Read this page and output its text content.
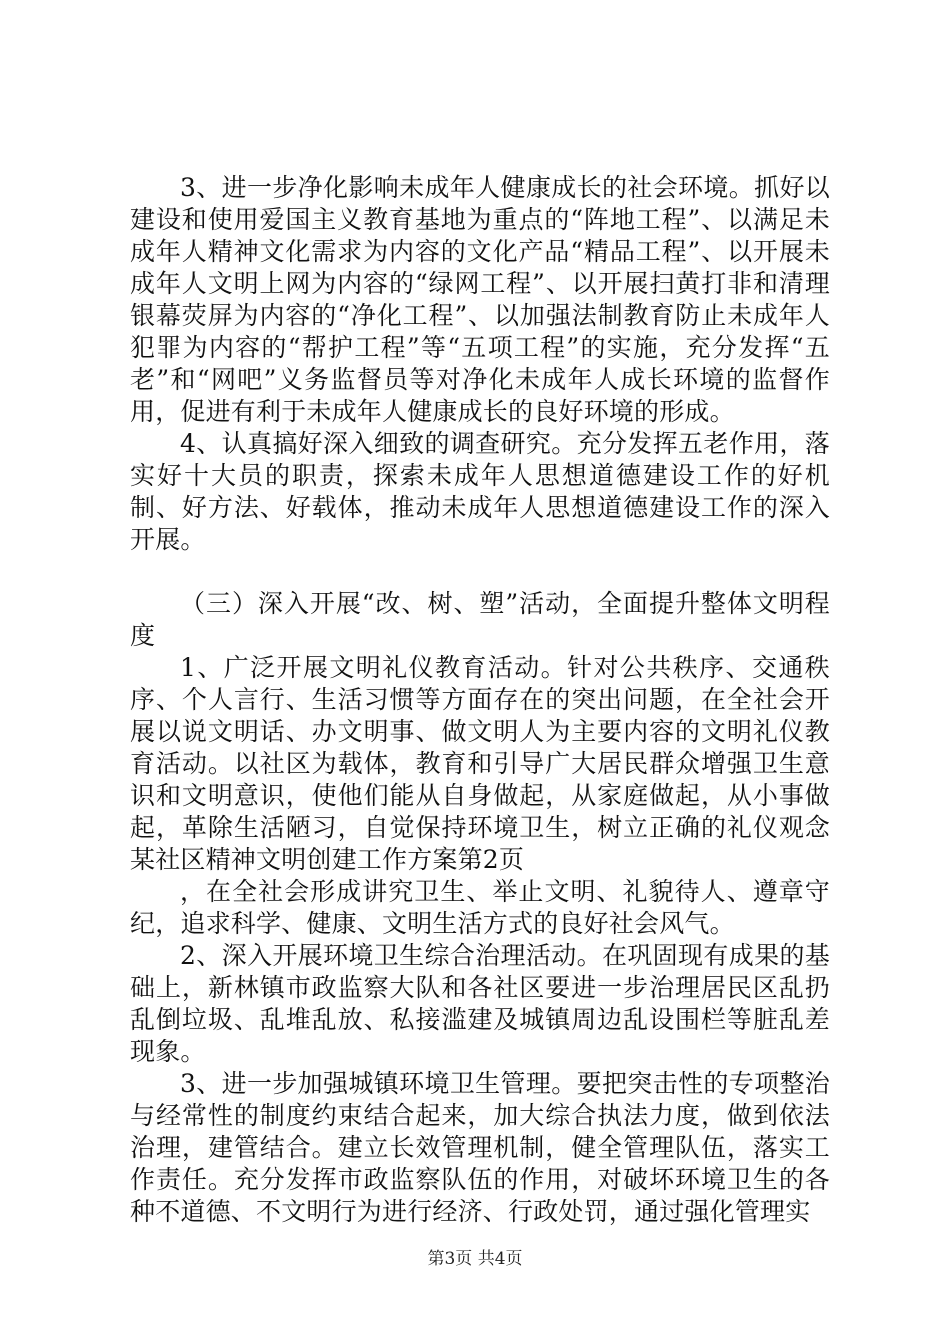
3、进一步净化影响未成年人健康成长的社会环境。抓好以建设和使用爱国主义教育基地为重点的“阵地工程”、以满足未成年人精神文化需求为内容的文化产品“精品工程”、以开展未成年人文明上网为内容的“绿网工程”、以开展扫黄打非和清理银幕荧屏为内容的“净化工程”、以加强法制教育防止未成年人犯罪为内容的“帮护工程”等“五项工程”的实施，充分发挥“五老”和“网吧”义务监督员等对净化未成年人成长环境的监督作用，促进有利于未成年人健康成长的良好环境的形成。

4、认真搞好深入细致的调查研究。充分发挥五老作用，落实好十大员的职责，探索未成年人思想道德建设工作的好机制、好方法、好载体，推动未成年人思想道德建设工作的深入开展。

（三）深入开展“改、树、塑”活动，全面提升整体文明程度

1、广泛开展文明礼仪教育活动。针对公共秩序、交通秩序、个人言行、生活习惯等方面存在的突出问题，在全社会开展以说文明话、办文明事、做文明人为主要内容的文明礼仪教育活动。以社区为载体，教育和引导广大居民群众增强卫生意识和文明意识，使他们能从自身做起，从家庭做起，从小事做起，革除生活陋习，自觉保持环境卫生，树立正确的礼仪观念某社区精神文明创建工作方案第2页

，在全社会形成讲究卫生、举止文明、礼貌待人、遵章守纪，追求科学、健康、文明生活方式的良好社会风气。

2、深入开展环境卫生综合治理活动。在巩固现有成果的基础上，新林镇市政监察大队和各社区要进一步治理居民区乱扔乱倒垃圾、乱堆乱放、私接滥建及城镇周边乱设围栏等脏乱差现象。

3、进一步加强城镇环境卫生管理。要把突击性的专项整治与经常性的制度约束结合起来，加大综合执法力度，做到依法治理，建管结合。建立长效管理机制，健全管理队伍，落实工作责任。充分发挥市政监察队伍的作用，对破坏环境卫生的各种不道德、不文明行为进行经济、行政处罚，通过强化管理实

第3页 共4页
